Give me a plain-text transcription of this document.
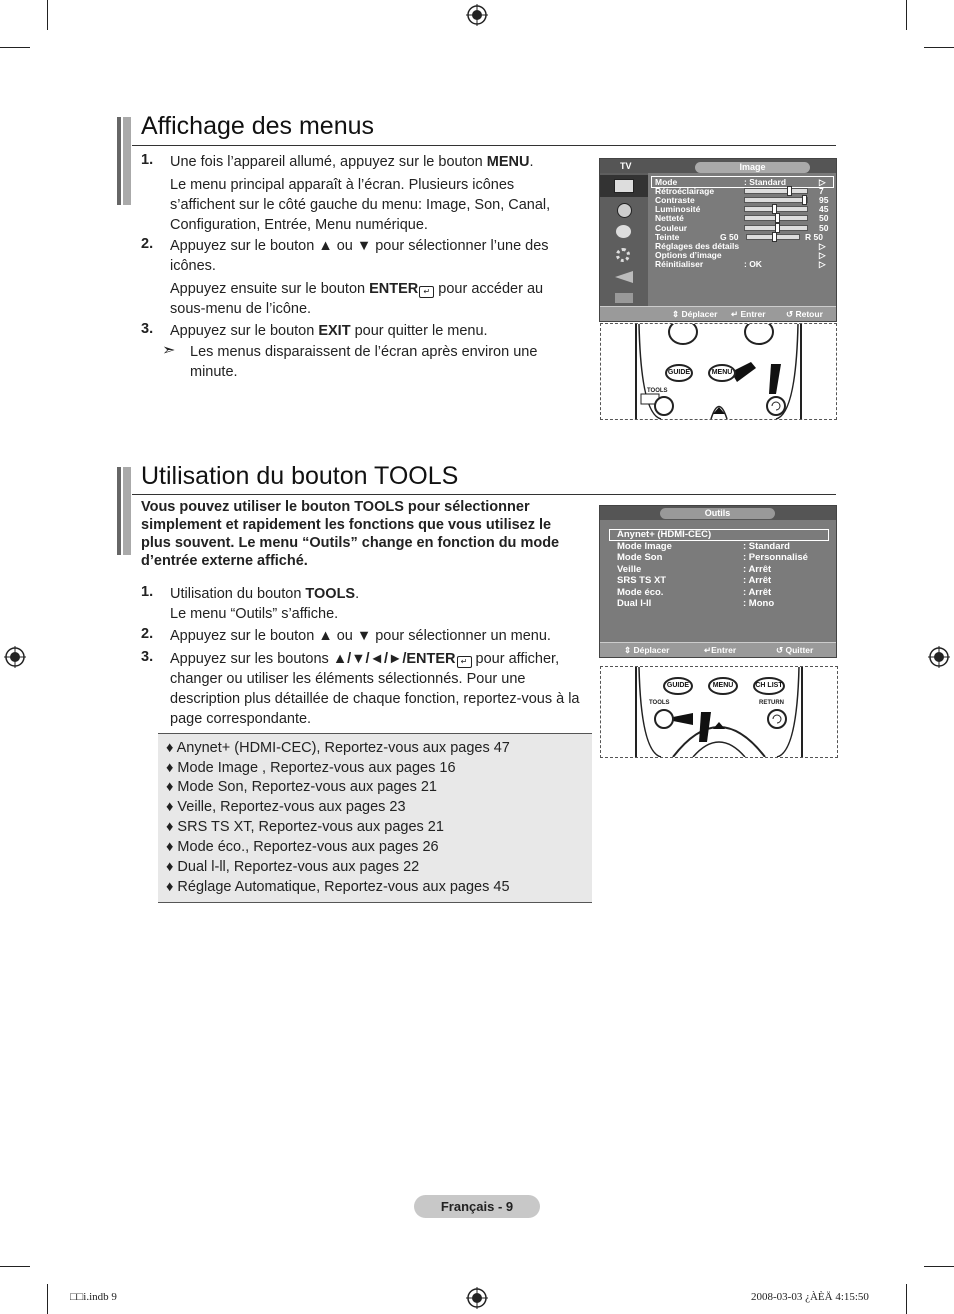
Affichage des menus
1. Une fois l’appareil allumé, appuyez sur le bouton MENU.
Le menu principal apparaît à l’écran. Plusieurs icônes s’affichent sur le côté gauche du menu: Image, Son, Canal, Configuration, Entrée, Menu numérique.
2. Appuyez sur le bouton ▲ ou ▼ pour sélectionner l’une des icônes.
Appuyez ensuite sur le bouton ENTER ↵ pour accéder au sous-menu de l’icône.
3. Appuyez sur le bouton EXIT pour quitter le menu.
➣ Les menus disparaissent de l’écran après environ une minute.
TV	Image
⇕ Déplacer ↵ Entrer ↺ Retour
Mode	: Standard	▷
Rétroéclairage	7
Contraste	95
Luminosité	45
Netteté	50
Couleur	50
Teinte	G 50	R 50
Réglages des détails	▷
Options d’image	▷
Réinitialiser	: OK	▷
GUIDE	MENU
TOOLS
Utilisation du bouton TOOLS
Vous pouvez utiliser le bouton TOOLS pour sélectionner simplement et rapidement les fonctions que vous utilisez le plus souvent. Le menu “Outils” change en fonction du mode d’entrée externe affiché.
1. Utilisation du bouton TOOLS.
Le menu “Outils” s’affiche.
2. Appuyez sur le bouton ▲ ou ▼ pour sélectionner un menu.
3. Appuyez sur les boutons ▲/▼/◄/►/ENTER ↵ pour afficher, changer ou utiliser les éléments sélectionnés. Pour une description plus détaillée de chaque fonction, reportez-vous à la page correspondante.
♦ Anynet+ (HDMI-CEC), Reportez-vous aux pages 47
♦ Mode Image , Reportez-vous aux pages 16
♦ Mode Son, Reportez-vous aux pages 21
♦ Veille, Reportez-vous aux pages 23
♦ SRS TS XT, Reportez-vous aux pages 21
♦ Mode éco., Reportez-vous aux pages 26
♦ Dual l-ll, Reportez-vous aux pages 22
♦ Réglage Automatique, Reportez-vous aux pages 45
Outils
⇕ Déplacer	↵Entrer	↺ Quitter
Anynet+ (HDMI-CEC)
Mode Image	: Standard
Mode Son	: Personnalisé
Veille	: Arrêt
SRS TS XT	: Arrêt
Mode éco.	: Arrêt
Dual l-ll	: Mono
GUIDE	MENU	CH LIST
TOOLS	RETURN
Français - 9
□□i.indb 9	2008-03-03 ¿ÀÈÄ 4:15:50
